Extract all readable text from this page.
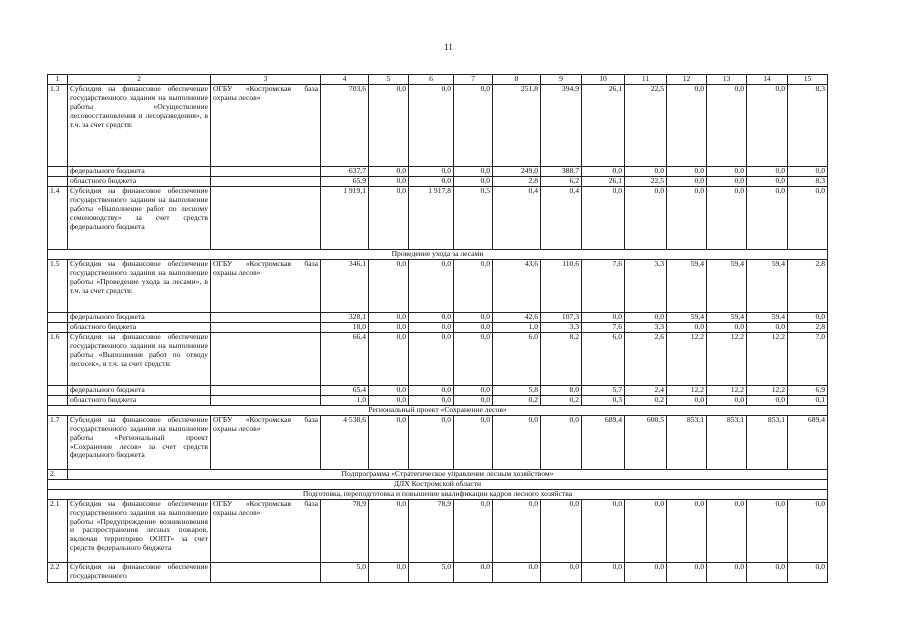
11
1	2	3	4	5	6	7	8	9	10	11	12	13	14	15
1.3	Субсидия на финансовое обеспечение государственного задания на выполнение работы «Осуществление лесовосстановления и лесоразведения», в т.ч. за счет средств:	ОГБУ «Костромская база охраны лесов»	703,6	0,0	0,0	0,0	251,8	394,9	26,1	22,5	0,0	0,0	0,0	8,3
	федерального бюджета		637,7	0,0	0,0	0,0	249,0	388,7	0,0	0,0	0,0	0,0	0,0	0,0
	областного бюджета		65,9	0,0	0,0	0,0	2,8	6,2	26,1	22,5	0,0	0,0	0,0	8,3
1.4	Субсидия на финансовое обеспечение государственного задания на выполнение работы «Выполнение работ по лесному семеноводству» за счет средств федерального бюджета		1 919,1	0,0	1 917,8	0,5	0,4	0,4	0,0	0,0	0,0	0,0	0,0	0,0
Проведение ухода за лесами														
1.5	Субсидия на финансовое обеспечение государственного задания на выполнение работы «Проведение ухода за лесами», в т.ч. за счет средств:	ОГБУ «Костромская база охраны лесов»	346,1	0,0	0,0	0,0	43,6	110,6	7,6	3,3	59,4	59,4	59,4	2,8
	федерального бюджета		328,1	0,0	0,0	0,0	42,6	107,3	0,0	0,0	59,4	59,4	59,4	0,0
	областного бюджета		18,0	0,0	0,0	0,0	1,0	3,3	7,6	3,3	0,0	0,0	0,0	2,8
1.6	Субсидия на финансовое обеспечение государственного задания на выполнение работы «Выполнение работ по отводу лесосек», в т.ч. за счет средств:		66,4	0,0	0,0	0,0	6,0	8,2	6,0	2,6	12,2	12,2	12,2	7,0
	федерального бюджета		65,4	0,0	0,0	0,0	5,8	8,0	5,7	2,4	12,2	12,2	12,2	6,9
	областного бюджета		1,0	0,0	0,0	0,0	0,2	0,2	0,3	0,2	0,0	0,0	0,0	0,1
Региональный проект «Сохранение лесов»														
1.7	Субсидия на финансовое обеспечение государственного задания на выполнение работы «Региональный проект «Сохранение лесов» за счет средств федерального бюджета	ОГБУ «Костромская база охраны лесов»	4 538,6	0,0	0,0	0,0	0,0	0,0	689,4	600,5	853,1	853,1	853,1	689,4
2.	Подпрограмма «Стратегическое управление лесным хозяйством»													
ДЛХ Костромской области														
Подготовка, переподготовка и повышение квалификации кадров лесного хозяйства														
2.1	Субсидия на финансовое обеспечение государственного задания на выполнение работы «Предупреждение возникновения и распространения лесных пожаров, включая территорию ООПТ» за счет средств федерального бюджета	ОГБУ «Костромская база охраны лесов»	78,9	0,0	78,9	0,0	0,0	0,0	0,0	0,0	0,0	0,0	0,0	0,0
2.2	Субсидия на финансовое обеспечение государственного		5,0	0,0	5,0	0,0	0,0	0,0	0,0	0,0	0,0	0,0	0,0	0,0
